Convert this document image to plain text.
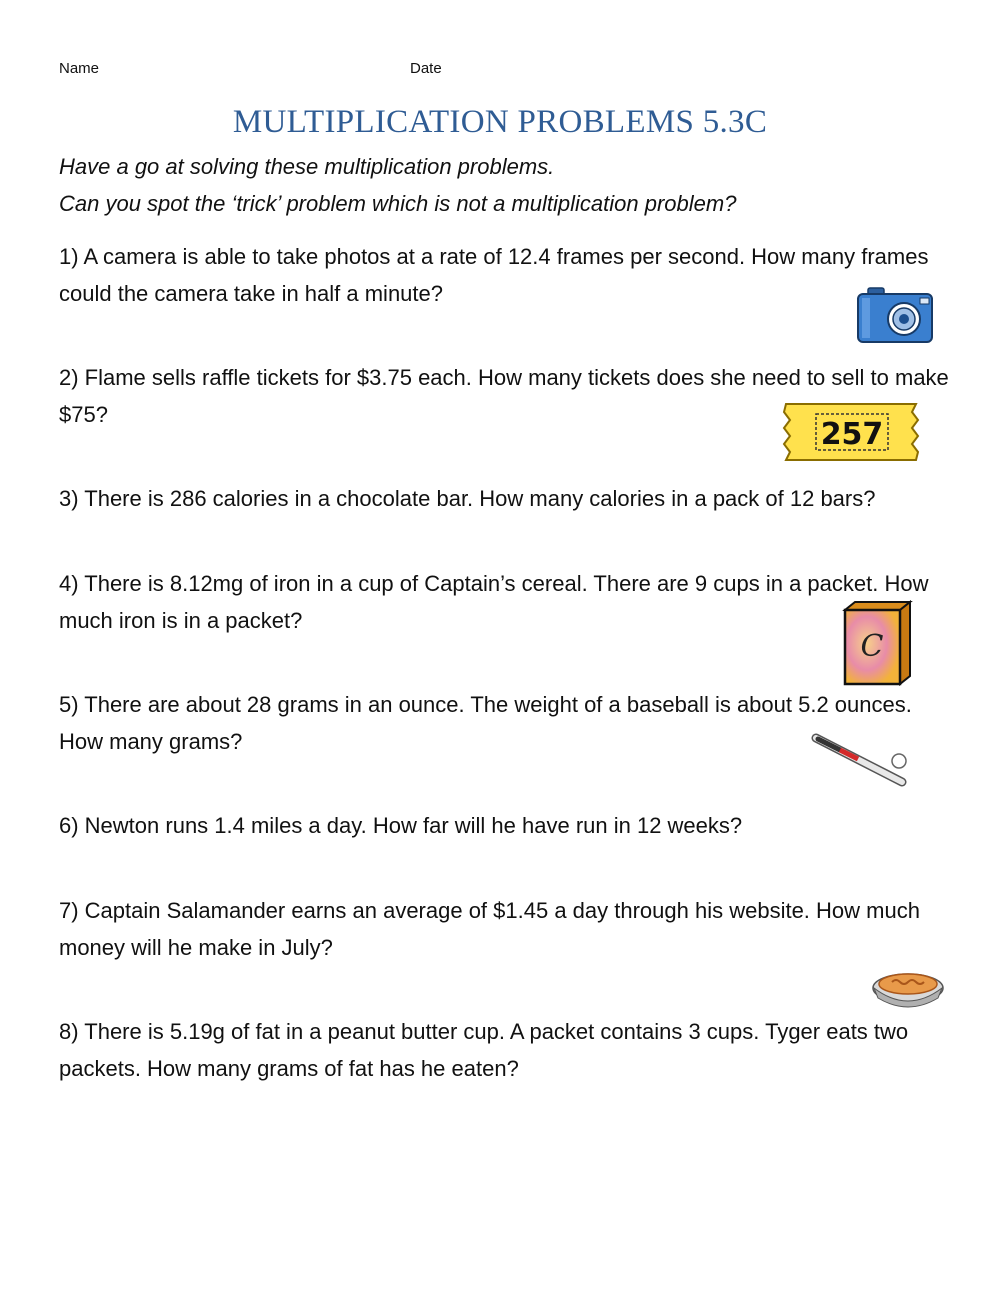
Name	Date
MULTIPLICATION PROBLEMS 5.3C
Have a go at solving these multiplication problems.
Can you spot the ‘trick’ problem which is not a multiplication problem?
1) A camera is able to take photos at a rate of 12.4 frames per second. How many frames could the camera take in half a minute?
2) Flame sells raffle tickets for $3.75 each. How many tickets does she need to sell to make $75?
3) There is 286 calories in a chocolate bar. How many calories in a pack of 12 bars?
4) There is 8.12mg of iron in a cup of Captain’s cereal. There are 9 cups in a packet. How much iron is in a packet?
5) There are about 28 grams in an ounce. The weight of a baseball is about 5.2 ounces. How many grams?
6) Newton runs 1.4 miles a day. How far will he have run in 12 weeks?
7) Captain Salamander earns an average of $1.45 a day through his website. How much money will he make in July?
8) There is 5.19g of fat in a peanut butter cup. A packet contains 3 cups. Tyger eats two packets. How many grams of fat has he eaten?
257
C
